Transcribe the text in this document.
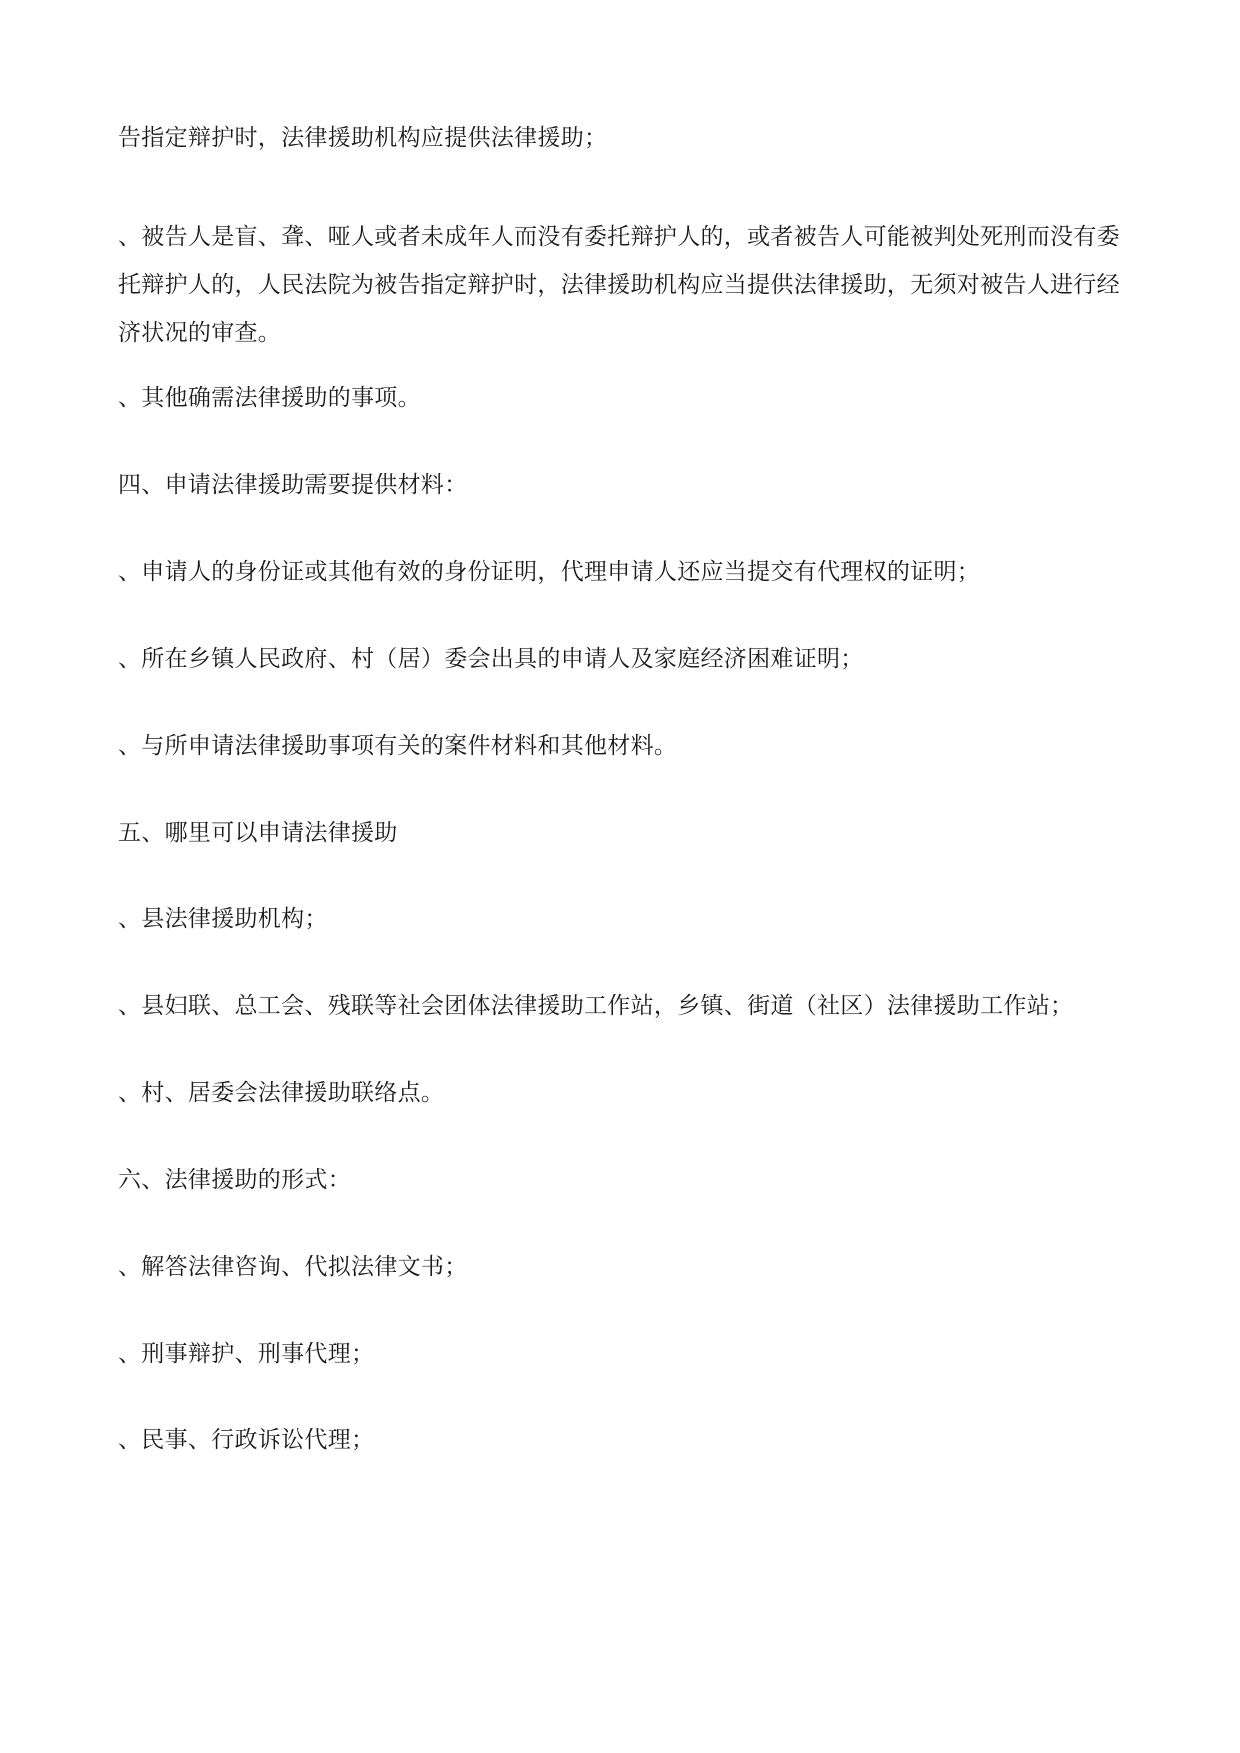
告指定辩护时，法律援助机构应提供法律援助；

、被告人是盲、聋、哑人或者未成年人而没有委托辩护人的，或者被告人可能被判处死刑而没有委托辩护人的，人民法院为被告指定辩护时，法律援助机构应当提供法律援助，无须对被告人进行经济状况的审查。

、其他确需法律援助的事项。

四、申请法律援助需要提供材料：

、申请人的身份证或其他有效的身份证明，代理申请人还应当提交有代理权的证明；

、所在乡镇人民政府、村（居）委会出具的申请人及家庭经济困难证明；

、与所申请法律援助事项有关的案件材料和其他材料。

五、哪里可以申请法律援助

、县法律援助机构；

、县妇联、总工会、残联等社会团体法律援助工作站，乡镇、街道（社区）法律援助工作站；

、村、居委会法律援助联络点。

六、法律援助的形式：

、解答法律咨询、代拟法律文书；

、刑事辩护、刑事代理；

、民事、行政诉讼代理；
